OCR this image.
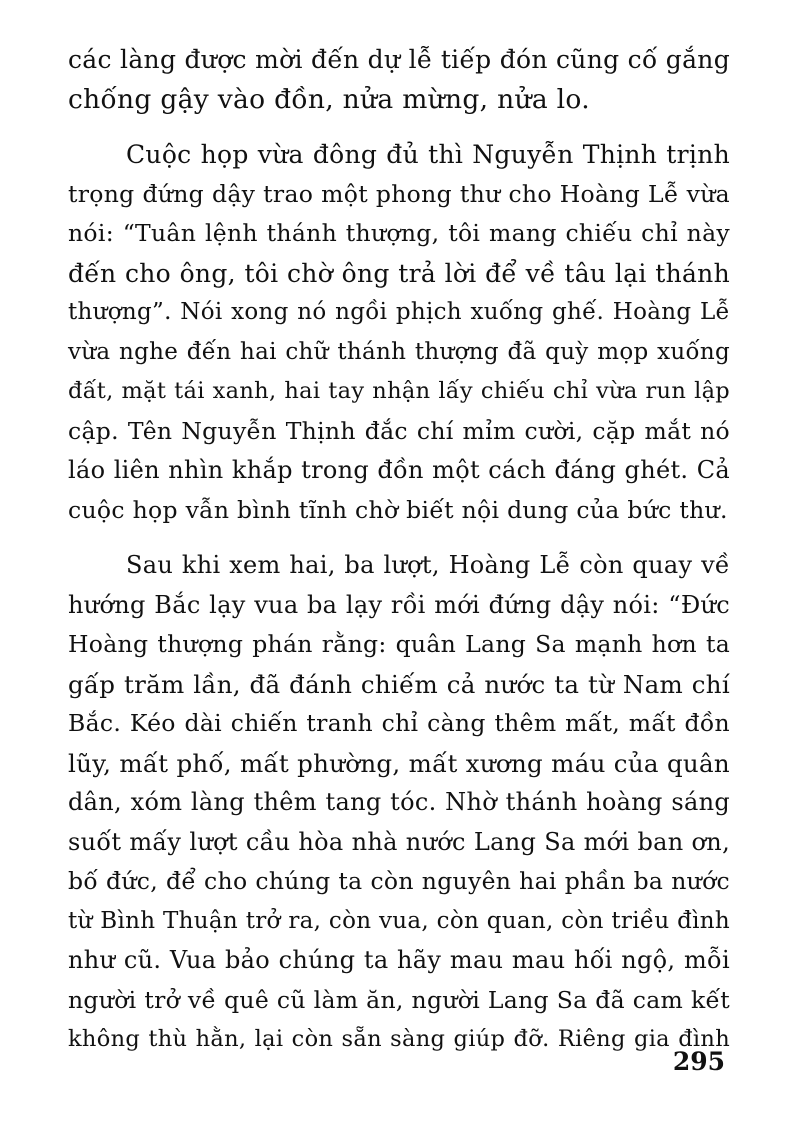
các làng được mời đến dự lễ tiếp đón cũng cố gắng
chống gậy vào đồn, nửa mừng, nửa lo.
Cuộc họp vừa đông đủ thì Nguyễn Thịnh trịnh
trọng đứng dậy trao một phong thư cho Hoàng Lễ vừa
nói: “Tuân lệnh thánh thượng, tôi mang chiếu chỉ này
đến cho ông, tôi chờ ông trả lời để về tâu lại thánh
thượng”. Nói xong nó ngồi phịch xuống ghế. Hoàng Lễ
vừa nghe đến hai chữ thánh thượng đã quỳ mọp xuống
đất, mặt tái xanh, hai tay nhận lấy chiếu chỉ vừa run lập
cập. Tên Nguyễn Thịnh đắc chí mỉm cười, cặp mắt nó
láo liên nhìn khắp trong đồn một cách đáng ghét. Cả
cuộc họp vẫn bình tĩnh chờ biết nội dung của bức thư.
Sau khi xem hai, ba lượt, Hoàng Lễ còn quay về
hướng Bắc lạy vua ba lạy rồi mới đứng dậy nói: “Đức
Hoàng thượng phán rằng: quân Lang Sa mạnh hơn ta
gấp trăm lần, đã đánh chiếm cả nước ta từ Nam chí
Bắc. Kéo dài chiến tranh chỉ càng thêm mất, mất đồn
lũy, mất phố, mất phường, mất xương máu của quân
dân, xóm làng thêm tang tóc. Nhờ thánh hoàng sáng
suốt mấy lượt cầu hòa nhà nước Lang Sa mới ban ơn,
bố đức, để cho chúng ta còn nguyên hai phần ba nước
từ Bình Thuận trở ra, còn vua, còn quan, còn triều đình
như cũ. Vua bảo chúng ta hãy mau mau hối ngộ, mỗi
người trở về quê cũ làm ăn, người Lang Sa đã cam kết
không thù hằn, lại còn sẵn sàng giúp đỡ. Riêng gia đình
295
